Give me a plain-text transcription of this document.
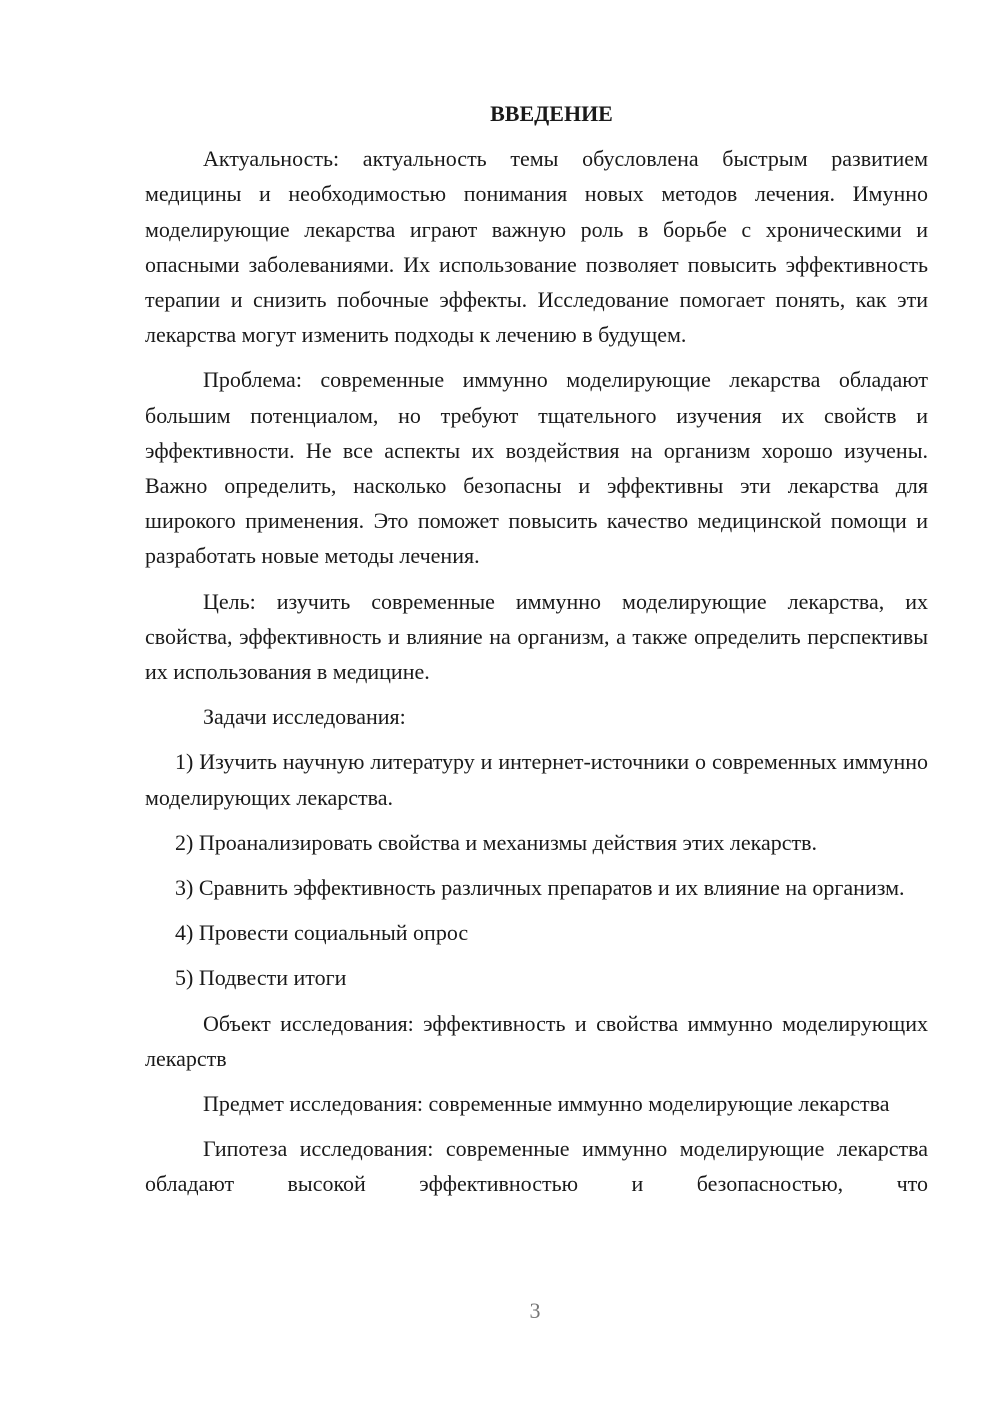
ВВЕДЕНИЕ

Актуальность: актуальность темы обусловлена быстрым развитием медицины и необходимостью понимания новых методов лечения. Имунно моделирующие лекарства играют важную роль в борьбе с хроническими и опасными заболеваниями. Их использование позволяет повысить эффективность терапии и снизить побочные эффекты. Исследование помогает понять, как эти лекарства могут изменить подходы к лечению в будущем.

Проблема: современные иммунно моделирующие лекарства обладают большим потенциалом, но требуют тщательного изучения их свойств и эффективности. Не все аспекты их воздействия на организм хорошо изучены. Важно определить, насколько безопасны и эффективны эти лекарства для широкого применения. Это поможет повысить качество медицинской помощи и разработать новые методы лечения.

Цель: изучить современные иммунно моделирующие лекарства, их свойства, эффективность и влияние на организм, а также определить перспективы их использования в медицине.

Задачи исследования:

1) Изучить научную литературу и интернет-источники о современных иммунно моделирующих лекарства.

2) Проанализировать свойства и механизмы действия этих лекарств.

3) Сравнить эффективность различных препаратов и их влияние на организм.

4) Провести социальный опрос

5) Подвести итоги

Объект исследования: эффективность и свойства иммунно моделирующих лекарств

Предмет исследования: современные иммунно моделирующие лекарства

Гипотеза исследования: современные иммунно моделирующие лекарства обладают высокой эффективностью и безопасностью, что

3
